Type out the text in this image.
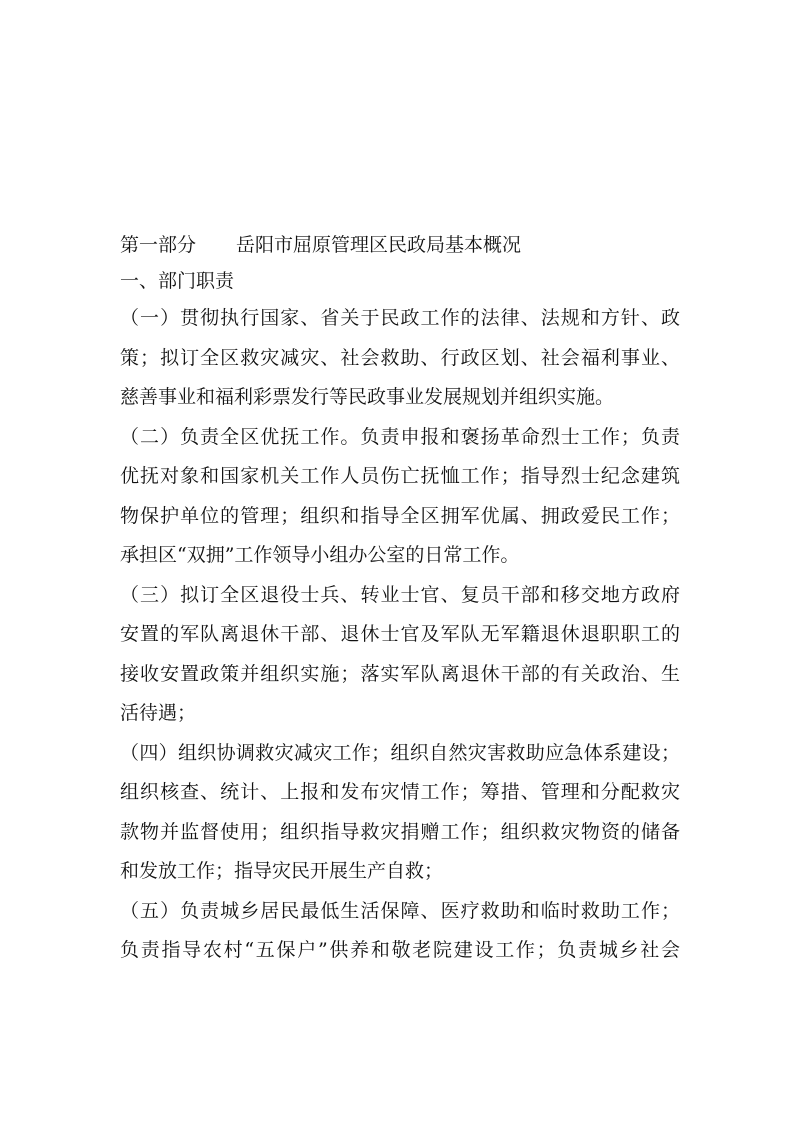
第一部分 岳阳市屈原管理区民政局基本概况
一、部门职责
（一）贯彻执行国家、省关于民政工作的法律、法规和方针、政
策；拟订全区救灾减灾、社会救助、行政区划、社会福利事业、
慈善事业和福利彩票发行等民政事业发展规划并组织实施。
（二）负责全区优抚工作。负责申报和褒扬革命烈士工作；负责
优抚对象和国家机关工作人员伤亡抚恤工作；指导烈士纪念建筑
物保护单位的管理；组织和指导全区拥军优属、拥政爱民工作；
承担区“双拥”工作领导小组办公室的日常工作。
（三）拟订全区退役士兵、转业士官、复员干部和移交地方政府
安置的军队离退休干部、退休士官及军队无军籍退休退职职工的
接收安置政策并组织实施；落实军队离退休干部的有关政治、生
活待遇；
（四）组织协调救灾减灾工作；组织自然灾害救助应急体系建设；
组织核查、统计、上报和发布灾情工作；筹措、管理和分配救灾
款物并监督使用；组织指导救灾捐赠工作；组织救灾物资的储备
和发放工作；指导灾民开展生产自救；
（五）负责城乡居民最低生活保障、医疗救助和临时救助工作；
负责指导农村“五保户”供养和敬老院建设工作；负责城乡社会
